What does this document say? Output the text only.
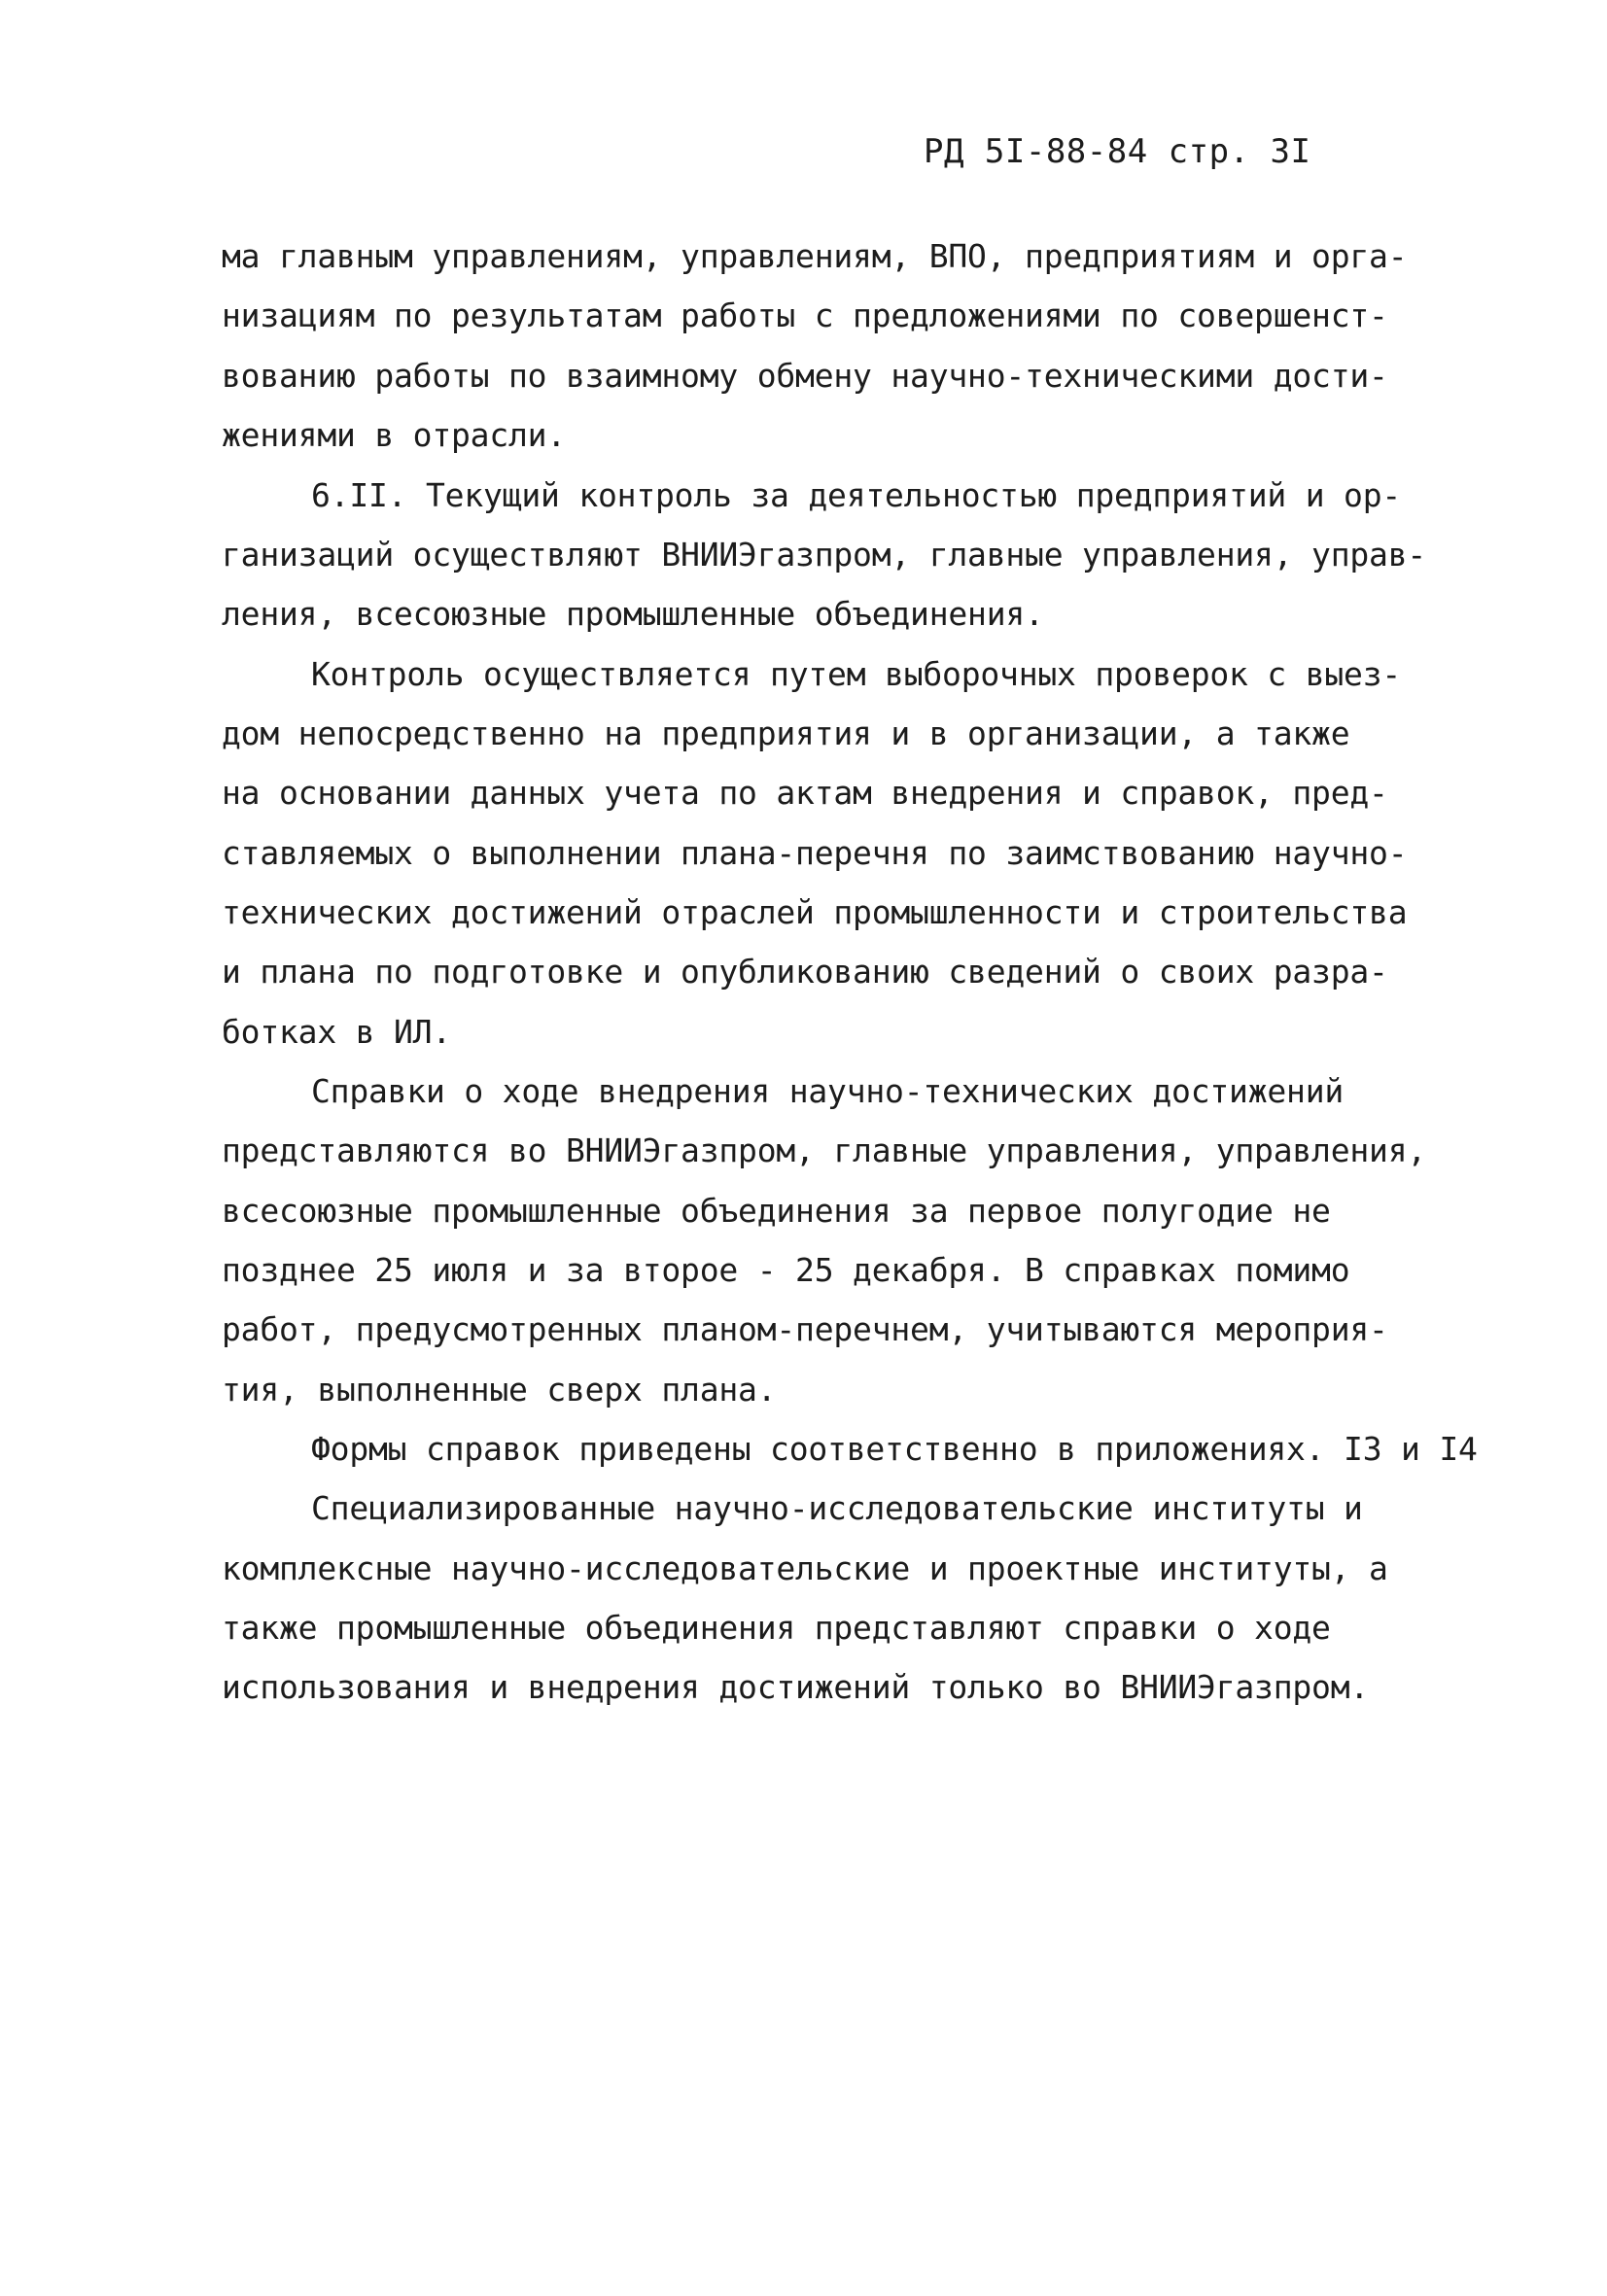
РД 5I-88-84 стр. 3I
ма главным управлениям, управлениям, ВПО, предприятиям и орга-
низациям по результатам работы с предложениями по совершенст-
вованию работы по взаимному обмену научно-техническими дости-
жениями в отрасли.
6.II. Текущий контроль за деятельностью предприятий и ор-
ганизаций осуществляют ВНИИЭгазпром, главные управления, управ-
ления, всесоюзные промышленные объединения.
Контроль осуществляется путем выборочных проверок с выез-
дом непосредственно на предприятия и в организации, а также
на основании данных учета по актам внедрения и справок, пред-
ставляемых о выполнении плана-перечня по заимствованию научно-
технических достижений отраслей промышленности и строительства
и плана по подготовке и опубликованию сведений о своих разра-
ботках в ИЛ.
Справки о ходе внедрения научно-технических достижений
представляются во ВНИИЭгазпром, главные управления, управления,
всесоюзные промышленные объединения за первое полугодие не
позднее 25 июля и за второе - 25 декабря. В справках помимо
работ, предусмотренных планом-перечнем, учитываются мероприя-
тия, выполненные сверх плана.
Формы справок приведены соответственно в приложениях. I3 и I4
Специализированные научно-исследовательские институты и
комплексные научно-исследовательские и проектные институты, а
также промышленные объединения представляют справки о ходе
использования и внедрения достижений только во ВНИИЭгазпром.
